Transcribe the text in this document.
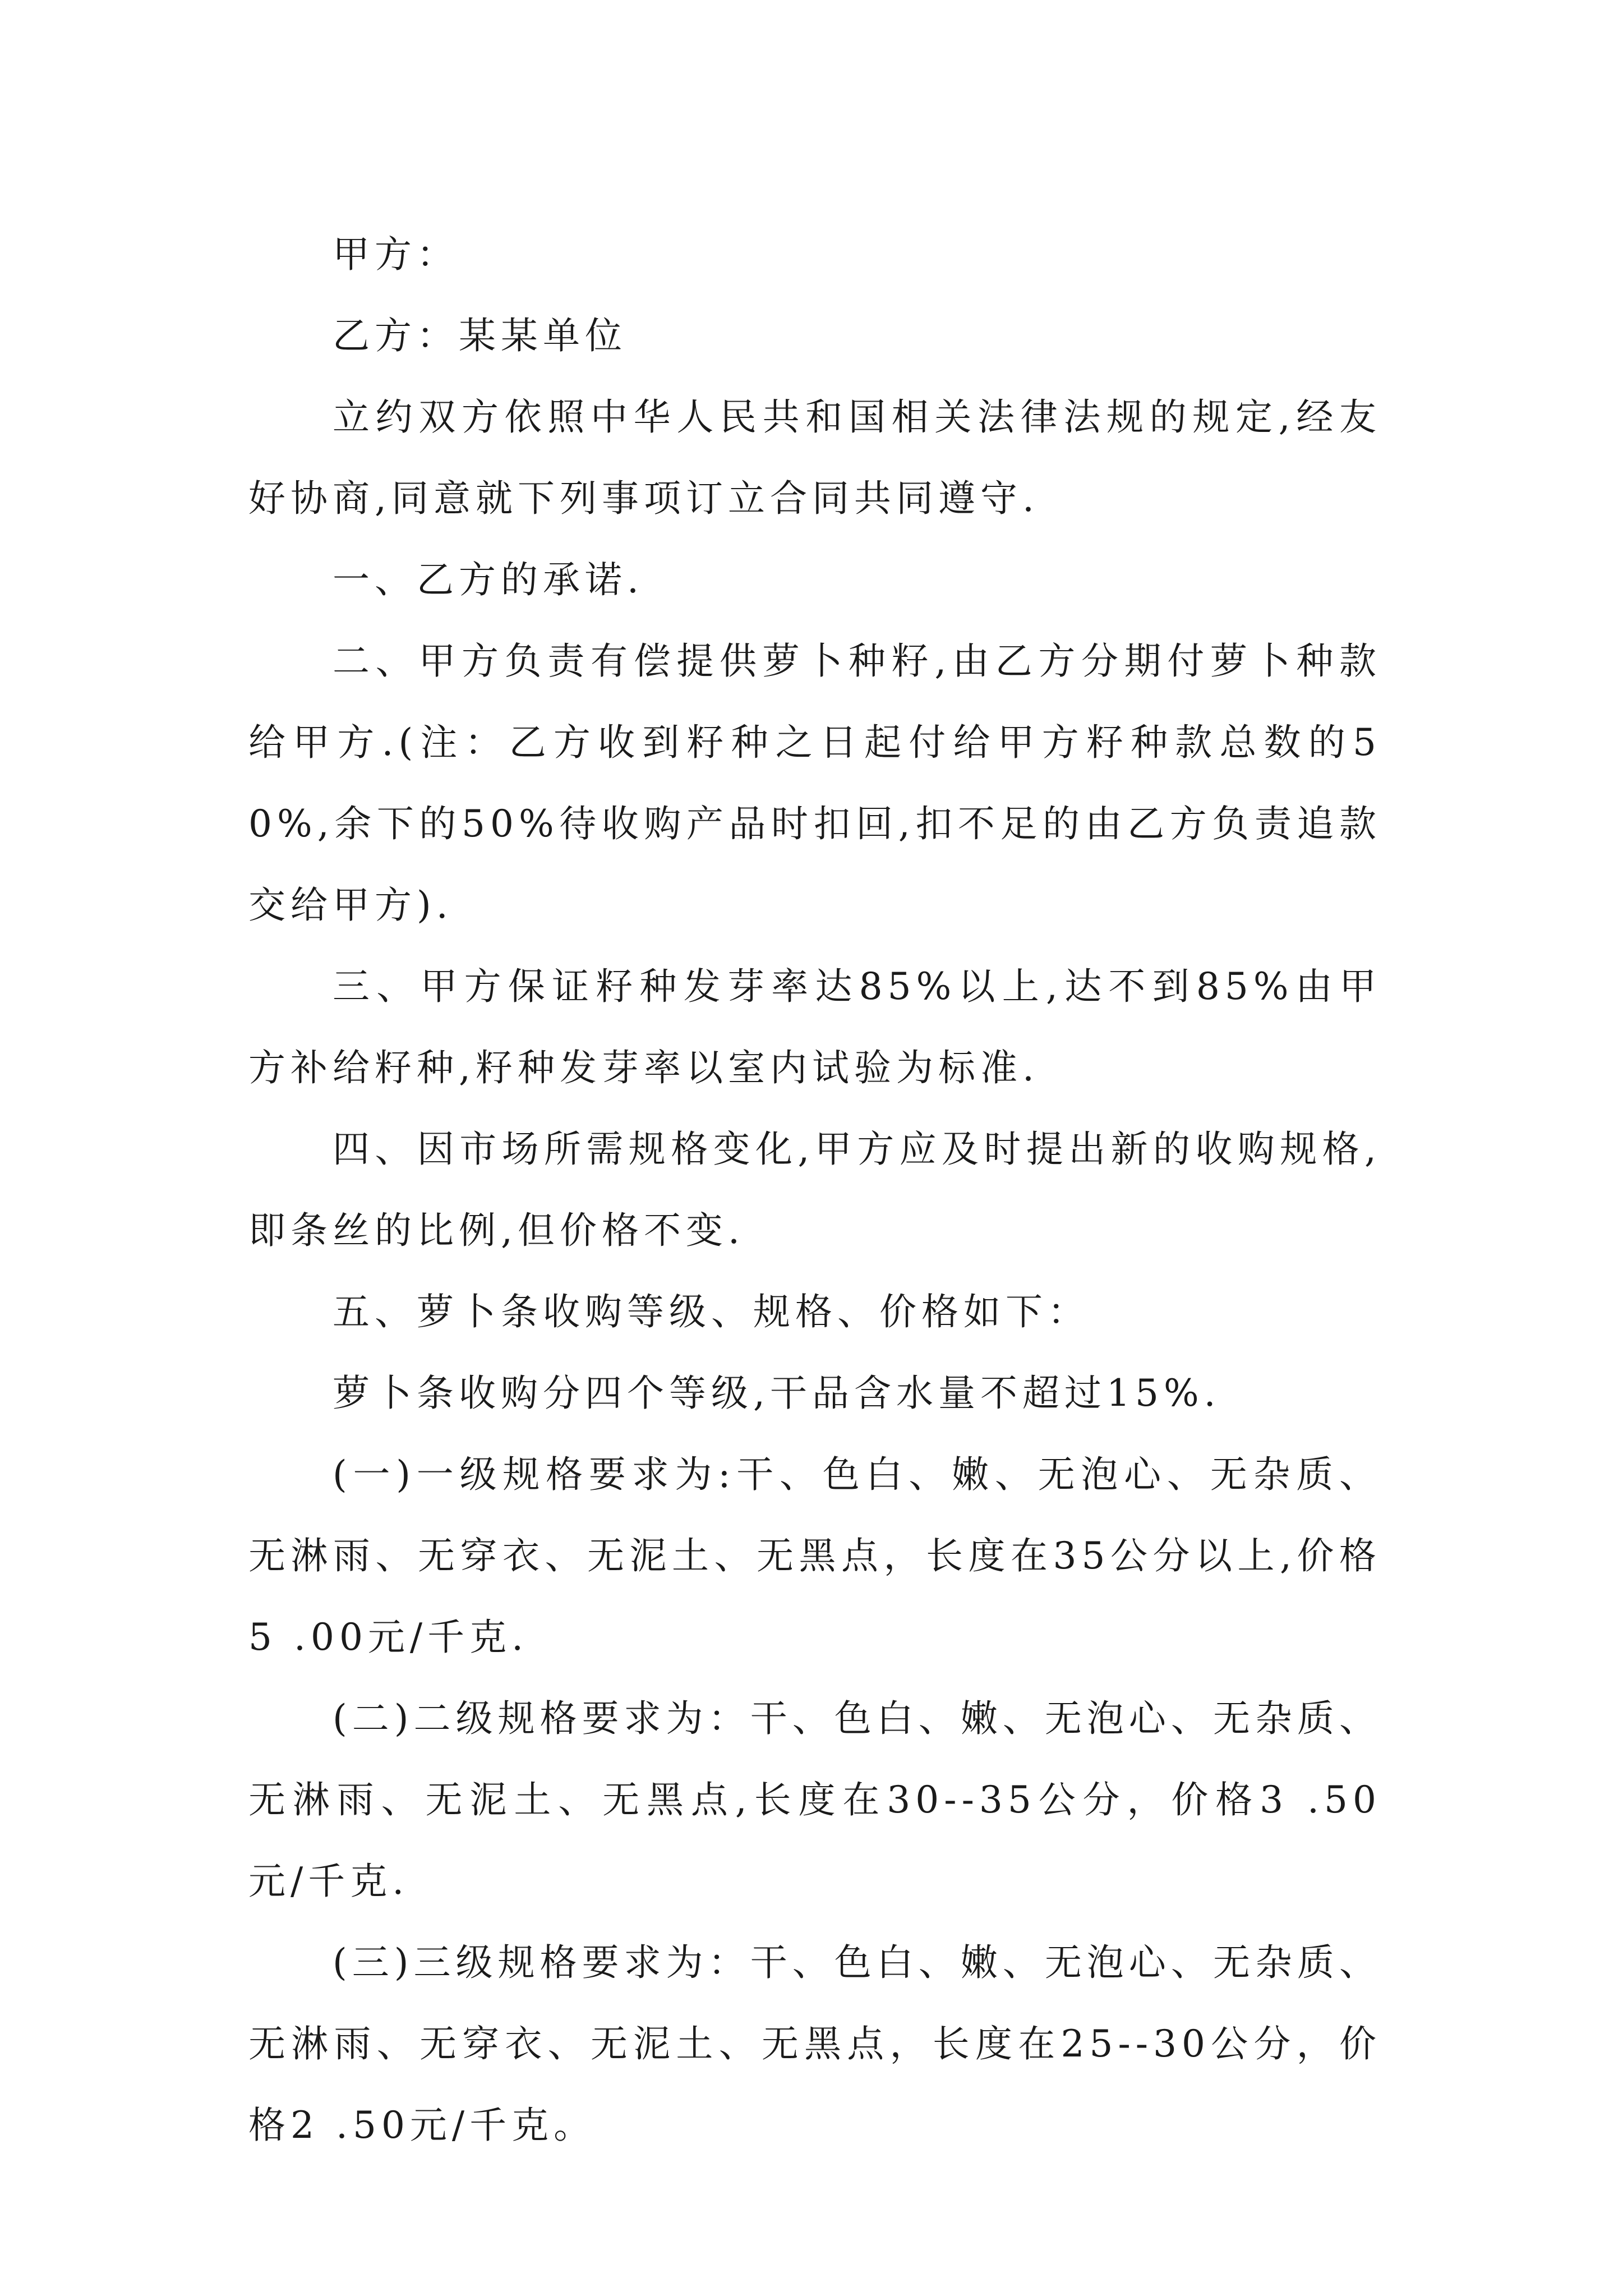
甲方：

乙方：某某单位

立约双方依照中华人民共和国相关法律法规的规定,经友好协商,同意就下列事项订立合同共同遵守.

一、乙方的承诺.

二、甲方负责有偿提供萝卜种籽,由乙方分期付萝卜种款给甲方.(注：乙方收到籽种之日起付给甲方籽种款总数的50%,余下的50%待收购产品时扣回,扣不足的由乙方负责追款交给甲方).

三、甲方保证籽种发芽率达85%以上,达不到85%由甲方补给籽种,籽种发芽率以室内试验为标准.

四、因市场所需规格变化,甲方应及时提出新的收购规格,即条丝的比例,但价格不变.

五、萝卜条收购等级、规格、价格如下：

萝卜条收购分四个等级,干品含水量不超过15%.

(一)一级规格要求为:干、色白、嫩、无泡心、无杂质、无淋雨、无穿衣、无泥土、无黑点，长度在35公分以上,价格5 .00元/千克.

(二)二级规格要求为：干、色白、嫩、无泡心、无杂质、无淋雨、无泥土、无黑点,长度在30--35公分，价格3 .50元/千克.

(三)三级规格要求为：干、色白、嫩、无泡心、无杂质、无淋雨、无穿衣、无泥土、无黑点，长度在25--30公分，价格2 .50元/千克。
